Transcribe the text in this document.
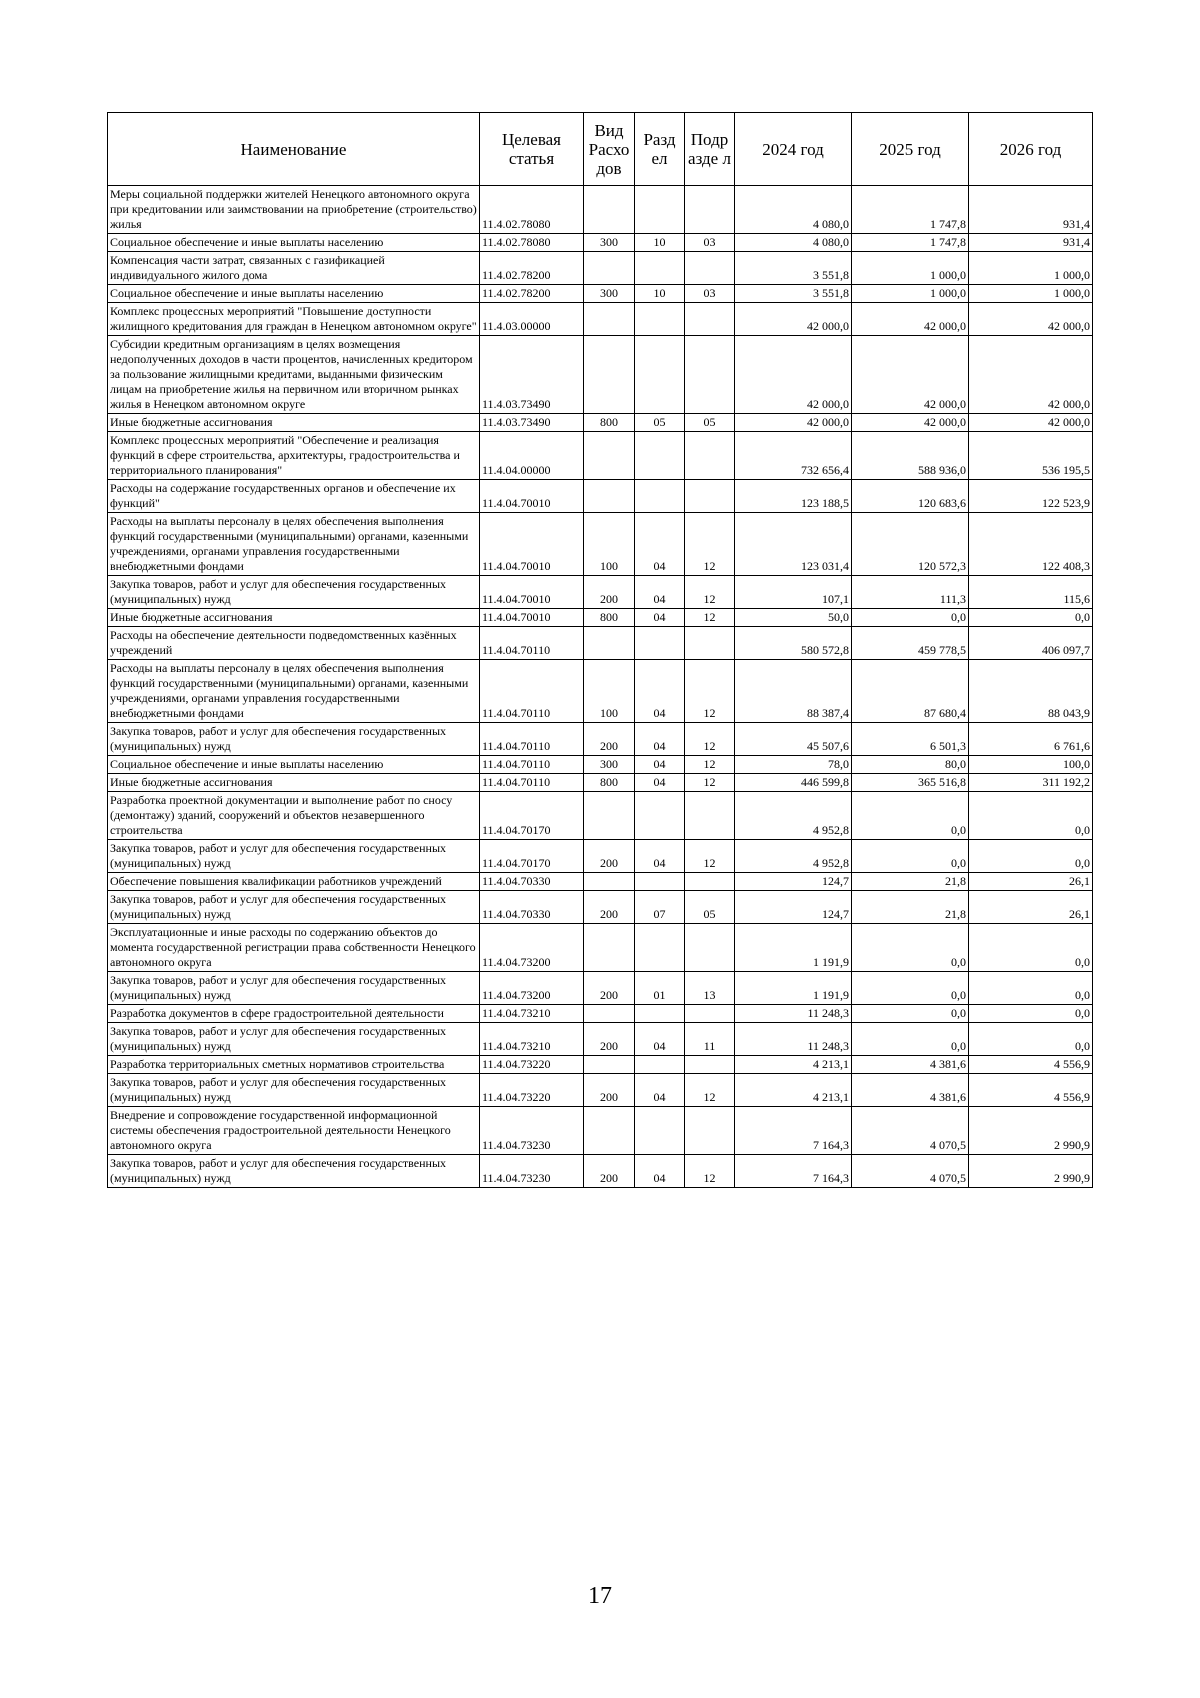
Наименование	Целевая статья	Вид Расхо дов	Разд ел	Подр азде л	2024 год	2025 год	2026 год
Меры социальной поддержки жителей Ненецкого автономного округа при кредитовании или заимствовании на приобретение (строительство) жилья	11.4.02.78080				4 080,0	1 747,8	931,4
Социальное обеспечение и иные выплаты населению	11.4.02.78080	300	10	03	4 080,0	1 747,8	931,4
Компенсация части затрат, связанных с газификацией индивидуального жилого дома	11.4.02.78200				3 551,8	1 000,0	1 000,0
Социальное обеспечение и иные выплаты населению	11.4.02.78200	300	10	03	3 551,8	1 000,0	1 000,0
Комплекс процессных мероприятий "Повышение доступности жилищного кредитования для граждан в Ненецком автономном округе"	11.4.03.00000				42 000,0	42 000,0	42 000,0
Субсидии кредитным организациям в целях возмещения недополученных доходов в части процентов, начисленных кредитором за пользование жилищными кредитами, выданными физическим лицам на приобретение жилья на первичном или вторичном рынках жилья в Ненецком автономном округе	11.4.03.73490				42 000,0	42 000,0	42 000,0
Иные бюджетные ассигнования	11.4.03.73490	800	05	05	42 000,0	42 000,0	42 000,0
Комплекс процессных мероприятий "Обеспечение и реализация функций в сфере строительства, архитектуры, градостроительства и территориального планирования"	11.4.04.00000				732 656,4	588 936,0	536 195,5
Расходы на содержание государственных органов и обеспечение их функций"	11.4.04.70010				123 188,5	120 683,6	122 523,9
Расходы на выплаты персоналу в целях обеспечения выполнения функций государственными (муниципальными) органами, казенными учреждениями, органами управления государственными внебюджетными фондами	11.4.04.70010	100	04	12	123 031,4	120 572,3	122 408,3
Закупка товаров, работ и услуг для обеспечения государственных (муниципальных) нужд	11.4.04.70010	200	04	12	107,1	111,3	115,6
Иные бюджетные ассигнования	11.4.04.70010	800	04	12	50,0	0,0	0,0
Расходы на обеспечение деятельности подведомственных казённых учреждений	11.4.04.70110				580 572,8	459 778,5	406 097,7
Расходы на выплаты персоналу в целях обеспечения выполнения функций государственными (муниципальными) органами, казенными учреждениями, органами управления государственными внебюджетными фондами	11.4.04.70110	100	04	12	88 387,4	87 680,4	88 043,9
Закупка товаров, работ и услуг для обеспечения государственных (муниципальных) нужд	11.4.04.70110	200	04	12	45 507,6	6 501,3	6 761,6
Социальное обеспечение и иные выплаты населению	11.4.04.70110	300	04	12	78,0	80,0	100,0
Иные бюджетные ассигнования	11.4.04.70110	800	04	12	446 599,8	365 516,8	311 192,2
Разработка проектной документации и выполнение работ по сносу (демонтажу) зданий, сооружений и объектов незавершенного строительства	11.4.04.70170				4 952,8	0,0	0,0
Закупка товаров, работ и услуг для обеспечения государственных (муниципальных) нужд	11.4.04.70170	200	04	12	4 952,8	0,0	0,0
Обеспечение повышения квалификации работников учреждений	11.4.04.70330				124,7	21,8	26,1
Закупка товаров, работ и услуг для обеспечения государственных (муниципальных) нужд	11.4.04.70330	200	07	05	124,7	21,8	26,1
Эксплуатационные и иные расходы по содержанию объектов до момента государственной регистрации права собственности Ненецкого автономного округа	11.4.04.73200				1 191,9	0,0	0,0
Закупка товаров, работ и услуг для обеспечения государственных (муниципальных) нужд	11.4.04.73200	200	01	13	1 191,9	0,0	0,0
Разработка документов в сфере градостроительной деятельности	11.4.04.73210				11 248,3	0,0	0,0
Закупка товаров, работ и услуг для обеспечения государственных (муниципальных) нужд	11.4.04.73210	200	04	11	11 248,3	0,0	0,0
Разработка территориальных сметных нормативов строительства	11.4.04.73220				4 213,1	4 381,6	4 556,9
Закупка товаров, работ и услуг для обеспечения государственных (муниципальных) нужд	11.4.04.73220	200	04	12	4 213,1	4 381,6	4 556,9
Внедрение и сопровождение государственной информационной системы обеспечения градостроительной деятельности Ненецкого автономного округа	11.4.04.73230				7 164,3	4 070,5	2 990,9
Закупка товаров, работ и услуг для обеспечения государственных (муниципальных) нужд	11.4.04.73230	200	04	12	7 164,3	4 070,5	2 990,9
17
